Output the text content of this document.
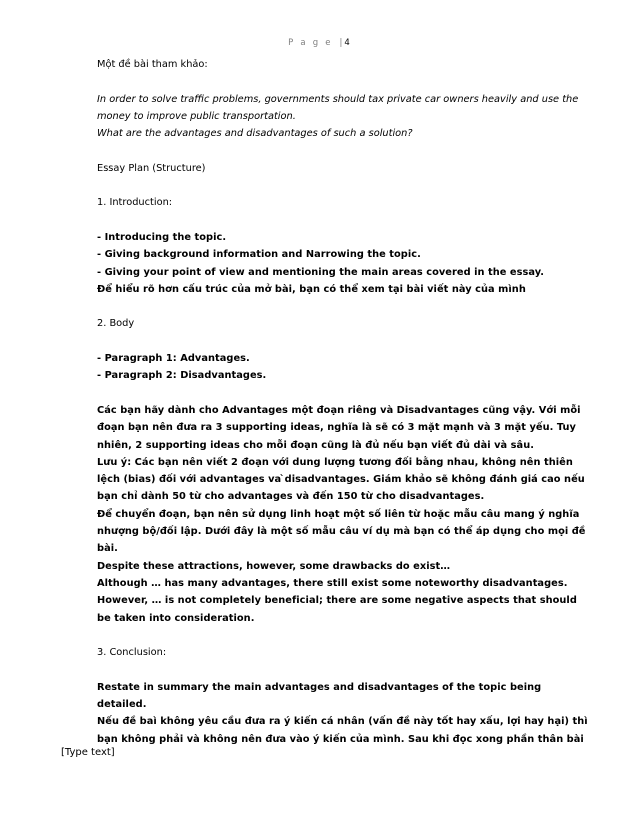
P a g e | 4
Một đề bài tham khảo:
In order to solve traffic problems, governments should tax private car owners heavily and use the
money to improve public transportation.
What are the advantages and disadvantages of such a solution?
Essay Plan (Structure)
1. Introduction:
- Introducing the topic.
- Giving background information and Narrowing the topic.
- Giving your point of view and mentioning the main areas covered in the essay.
Để hiểu rõ hơn cấu trúc của mở bài, bạn có thể xem tại bài viết này của mình
2. Body
- Paragraph 1: Advantages.
- Paragraph 2: Disadvantages.
Các bạn hãy dành cho Advantages một đoạn riêng và Disadvantages cũng vậy. Với mỗi
đoạn bạn nên đưa ra 3 supporting ideas, nghĩa là sẽ có 3 mặt mạnh và 3 mặt yếu. Tuy
nhiên, 2 supporting ideas cho mỗi đoạn cũng là đủ nếu bạn viết đủ dài và sâu.
Lưu ý: Các bạn nên viết 2 đoạn với dung lượng tương đối bằng nhau, không nên thiên
lệch (bias) đối với advantages va ̀disadvantages. Giám khảo sẽ không đánh giá cao nếu
bạn chỉ dành 50 từ cho advantages và đến 150 từ cho disadvantages.
Để chuyển đoạn, bạn nên sử dụng linh hoạt một số liên từ hoặc mẫu câu mang ý nghĩa
nhượng bộ/đối lập. Dưới đây là một số mẫu câu ví dụ mà bạn có thể áp dụng cho mọi đề
bài.
Despite these attractions, however, some drawbacks do exist…
Although … has many advantages, there still exist some noteworthy disadvantages.
However, … is not completely beneficial; there are some negative aspects that should
be taken into consideration.
3. Conclusion:
Restate in summary the main advantages and disadvantages of the topic being
detailed.
Nếu đề baì không yêu cầu đưa ra ý kiến cá nhân (vấn đề này tốt hay xấu, lợi hay hại) thì
bạn không phải và không nên đưa vào ý kiến của mình. Sau khi đọc xong phần thân bài
[Type text]
